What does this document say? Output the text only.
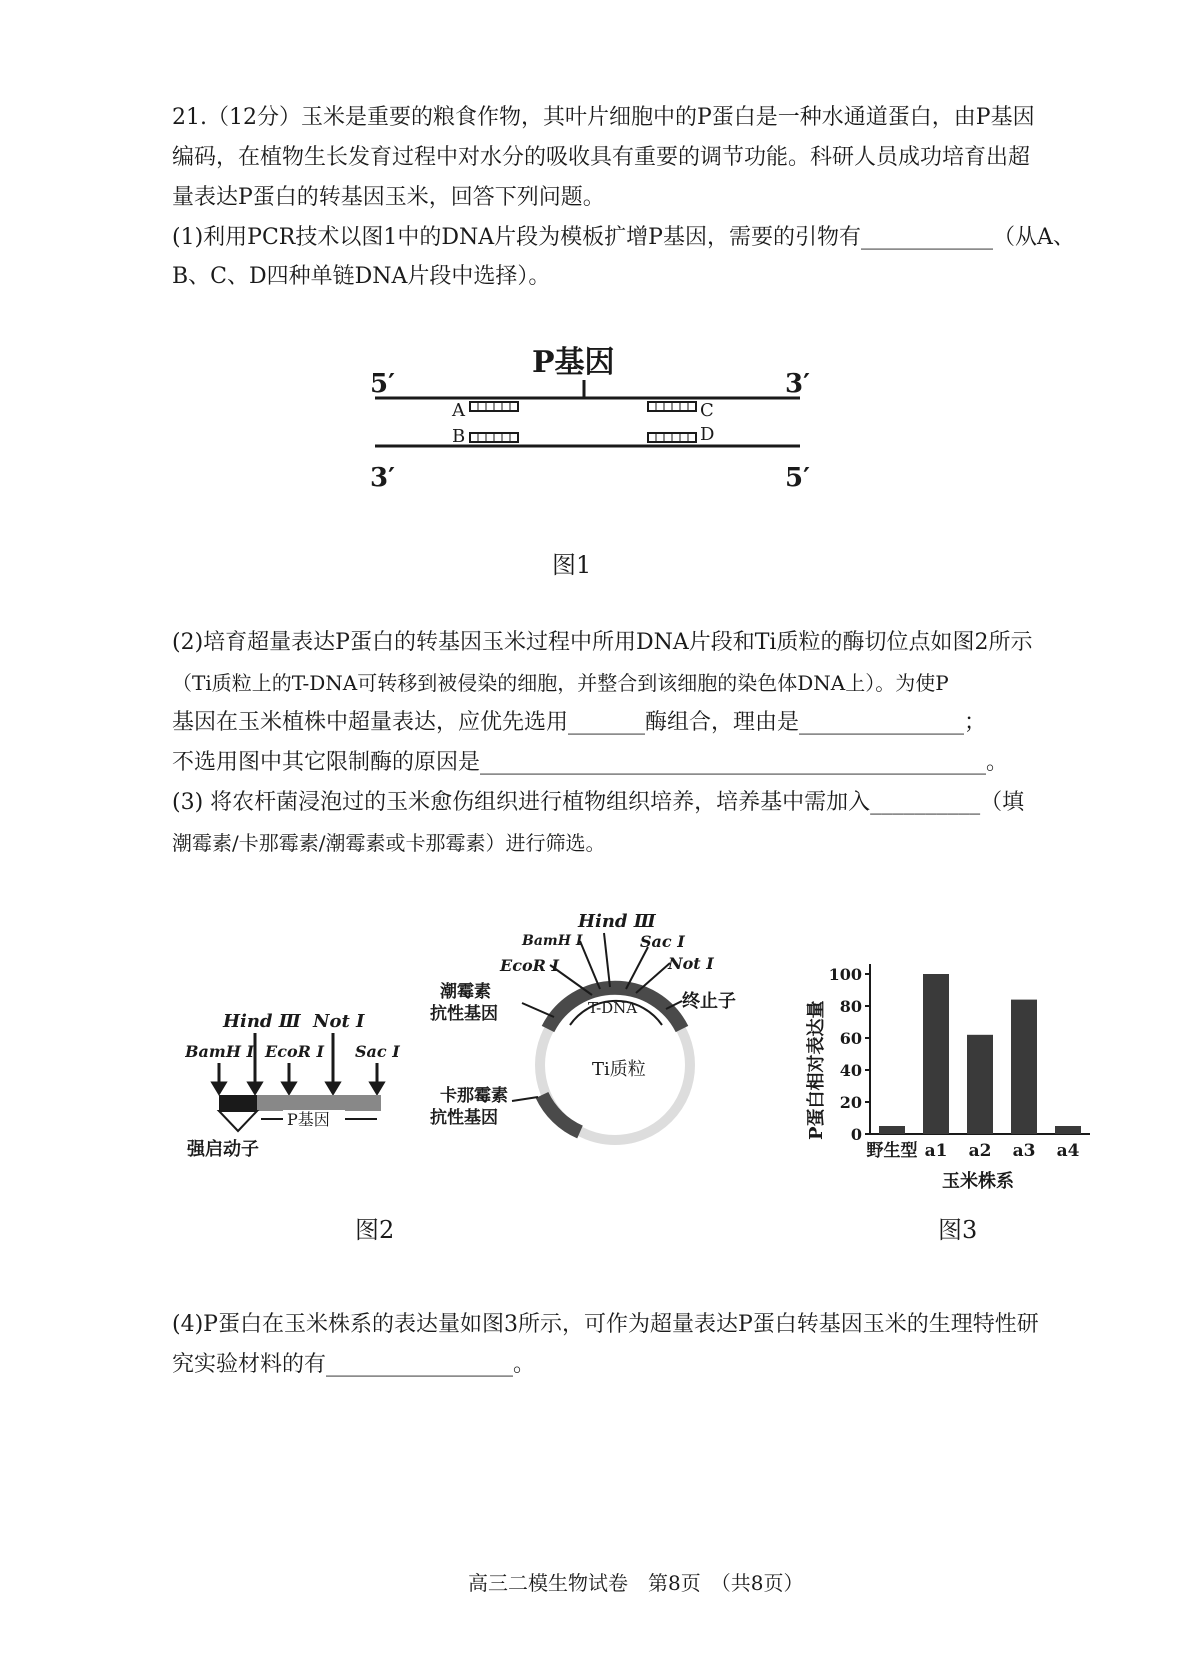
21.（12分）玉米是重要的粮食作物，其叶片细胞中的P蛋白是一种水通道蛋白，由P基因
编码，在植物生长发育过程中对水分的吸收具有重要的调节功能。科研人员成功培育出超
量表达P蛋白的转基因玉米，回答下列问题。
(1)利用PCR技术以图1中的DNA片段为模板扩增P基因，需要的引物有____________（从A、
B、C、D四种单链DNA片段中选择）。
P基因
5′	3′
A	C
B	D
3′	5′
图1
(2)培育超量表达P蛋白的转基因玉米过程中所用DNA片段和Ti质粒的酶切位点如图2所示
（Ti质粒上的T-DNA可转移到被侵染的细胞，并整合到该细胞的染色体DNA上）。为使P
基因在玉米植株中超量表达，应优先选用_______酶组合，理由是_______________；
不选用图中其它限制酶的原因是______________________________________________。
(3) 将农杆菌浸泡过的玉米愈伤组织进行植物组织培养，培养基中需加入__________（填
潮霉素/卡那霉素/潮霉素或卡那霉素）进行筛选。
Hind Ⅲ Not Ⅰ
BamH Ⅰ EcoR Ⅰ Sac Ⅰ
P基因
强启动子
Hind Ⅲ
BamH Ⅰ	Sac Ⅰ
EcoR Ⅰ	Not Ⅰ
潮霉素
抗性基因
终止子
T-DNA
Ti质粒
卡那霉素
抗性基因
图2
P蛋白相对表达量 0
20
40
60
80
100
野生型 a1 a2 a3 a4
玉米株系
图3
(4)P蛋白在玉米株系的表达量如图3所示，可作为超量表达P蛋白转基因玉米的生理特性研
究实验材料的有_________________。
高三二模生物试卷　第8页　（共8页）
